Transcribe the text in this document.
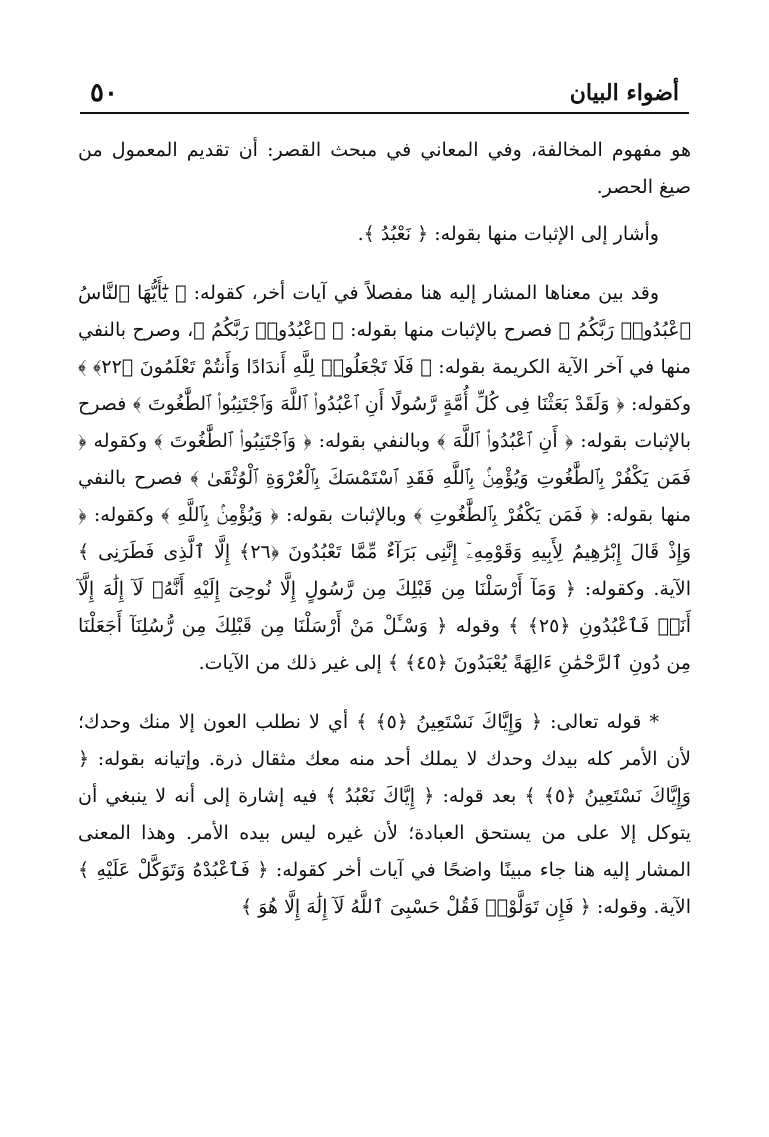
أضواء البيان
٥٠

هو مفهوم المخالفة، وفي المعاني في مبحث القصر: أن تقديم المعمول من صيغ الحصر.

وأشار إلى الإثبات منها بقوله: ﴿ نَعْبُدُ ﴾.

وقد بين معناها المشار إليه هنا مفصلاً في آيات أخر، كقوله: ﴿ يَٰٓأَيُّهَا ٱلنَّاسُ ٱعْبُدُوا۟ رَبَّكُمُ ﴾ فصرح بالإثبات منها بقوله: ﴿ ٱعْبُدُوا۟ رَبَّكُمُ ﴾، وصرح بالنفي منها في آخر الآية الكريمة بقوله: ﴿ فَلَا تَجْعَلُوا۟ لِلَّهِ أَندَادًا وَأَنتُمْ تَعْلَمُونَ ﴿٢٢﴾ ﴾ وكقوله: ﴿ وَلَقَدْ بَعَثْنَا فِى كُلِّ أُمَّةٍ رَّسُولًا أَنِ ٱعْبُدُوا۟ ٱللَّهَ وَٱجْتَنِبُوا۟ ٱلطَّٰغُوتَ ﴾ فصرح بالإثبات بقوله: ﴿ أَنِ ٱعْبُدُوا۟ ٱللَّهَ ﴾ وبالنفي بقوله: ﴿ وَٱجْتَنِبُوا۟ ٱلطَّٰغُوتَ ﴾ وكقوله ﴿ فَمَن يَكْفُرْ بِٱلطَّٰغُوتِ وَيُؤْمِنۢ بِٱللَّهِ فَقَدِ ٱسْتَمْسَكَ بِٱلْعُرْوَةِ ٱلْوُثْقَىٰ ﴾ فصرح بالنفي منها بقوله: ﴿ فَمَن يَكْفُرْ بِٱلطَّٰغُوتِ ﴾ وبالإثبات بقوله: ﴿ وَيُؤْمِنۢ بِٱللَّهِ ﴾ وكقوله: ﴿ وَإِذْ قَالَ إِبْرَٰهِيمُ لِأَبِيهِ وَقَوْمِهِۦٓ إِنَّنِى بَرَآءٌ مِّمَّا تَعْبُدُونَ ﴿٢٦﴾ إِلَّا ٱلَّذِى فَطَرَنِى ﴾ الآية. وكقوله: ﴿ وَمَآ أَرْسَلْنَا مِن قَبْلِكَ مِن رَّسُولٍ إِلَّا نُوحِىٓ إِلَيْهِ أَنَّهُۥ لَآ إِلَٰهَ إِلَّآ أَنَا۠ فَٱعْبُدُونِ ﴿٢٥﴾ ﴾ وقوله ﴿ وَسْـَٔلْ مَنْ أَرْسَلْنَا مِن قَبْلِكَ مِن رُّسُلِنَآ أَجَعَلْنَا مِن دُونِ ٱلرَّحْمَٰنِ ءَالِهَةً يُعْبَدُونَ ﴿٤٥﴾ ﴾ إلى غير ذلك من الآيات.

* قوله تعالى: ﴿ وَإِيَّاكَ نَسْتَعِينُ ﴿٥﴾ ﴾ أي لا نطلب العون إلا منك وحدك؛ لأن الأمر كله بيدك وحدك لا يملك أحد منه معك مثقال ذرة. وإتيانه بقوله: ﴿ وَإِيَّاكَ نَسْتَعِينُ ﴿٥﴾ ﴾ بعد قوله: ﴿ إِيَّاكَ نَعْبُدُ ﴾ فيه إشارة إلى أنه لا ينبغي أن يتوكل إلا على من يستحق العبادة؛ لأن غيره ليس بيده الأمر. وهذا المعنى المشار إليه هنا جاء مبينًا واضحًا في آيات أخر كقوله: ﴿ فَٱعْبُدْهُ وَتَوَكَّلْ عَلَيْهِ ﴾ الآية. وقوله: ﴿ فَإِن تَوَلَّوْا۟ فَقُلْ حَسْبِىَ ٱللَّهُ لَآ إِلَٰهَ إِلَّا هُوَ ﴾
